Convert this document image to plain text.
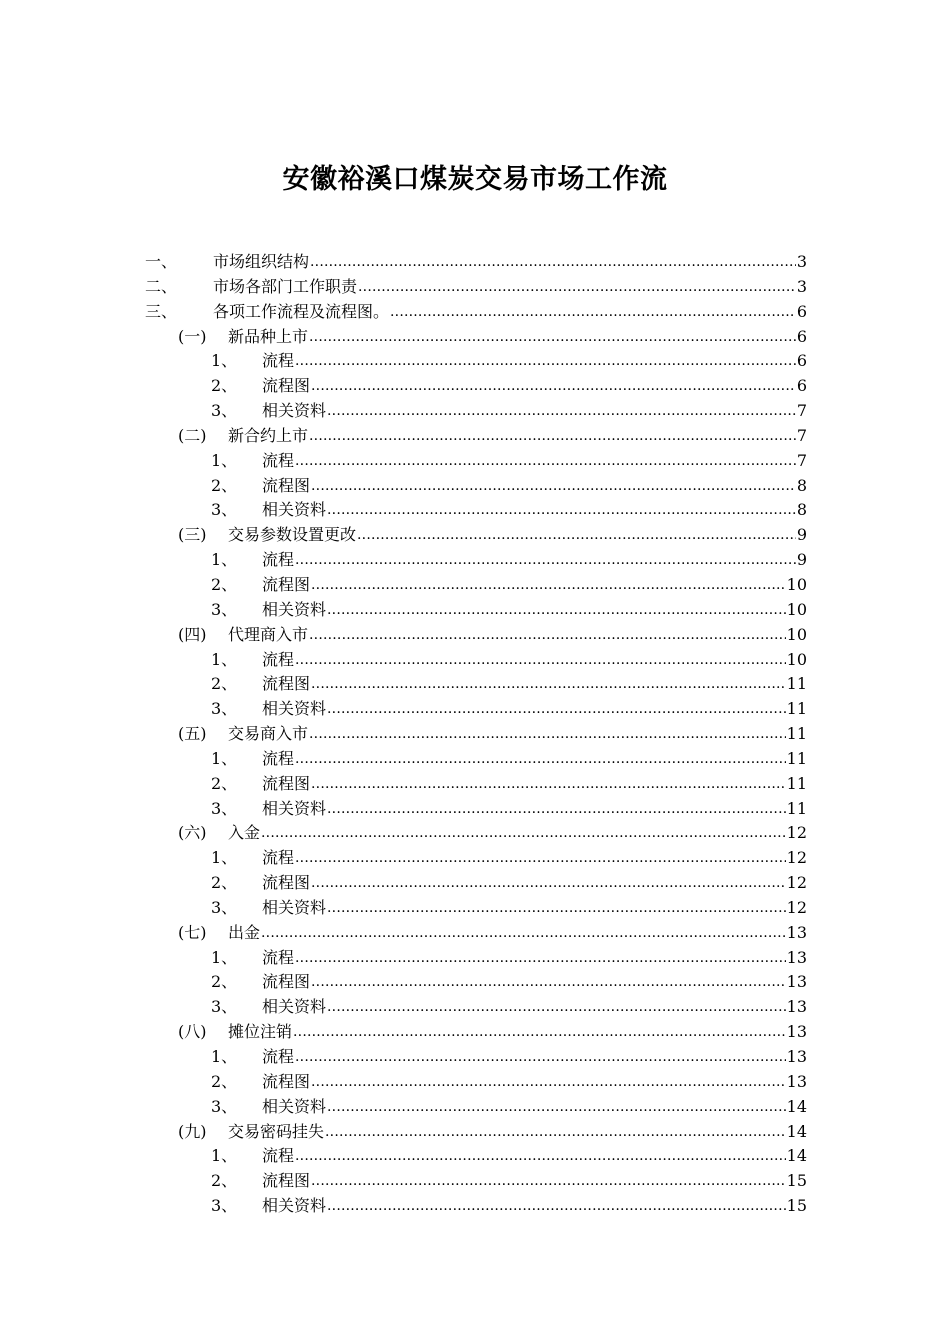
安徽裕溪口煤炭交易市场工作流
一、	市场组织结构 .....	3
二、	市场各部门工作职责 .....	3
三、	各项工作流程及流程图。 .....	6
(一)	新品种上市 .....	6
1、	流程 .....	6
2、	流程图 .....	6
3、	相关资料 .....	7
(二)	新合约上市 .....	7
1、	流程 .....	7
2、	流程图 .....	8
3、	相关资料 .....	8
(三)	交易参数设置更改 .....	9
1、	流程 .....	9
2、	流程图 .....	10
3、	相关资料 .....	10
(四)	代理商入市 .....	10
1、	流程 .....	10
2、	流程图 .....	11
3、	相关资料 .....	11
(五)	交易商入市 .....	11
1、	流程 .....	11
2、	流程图 .....	11
3、	相关资料 .....	11
(六)	入金 .....	12
1、	流程 .....	12
2、	流程图 .....	12
3、	相关资料 .....	12
(七)	出金 .....	13
1、	流程 .....	13
2、	流程图 .....	13
3、	相关资料 .....	13
(八)	摊位注销 .....	13
1、	流程 .....	13
2、	流程图 .....	13
3、	相关资料 .....	14
(九)	交易密码挂失 .....	14
1、	流程 .....	14
2、	流程图 .....	15
3、	相关资料 .....	15
